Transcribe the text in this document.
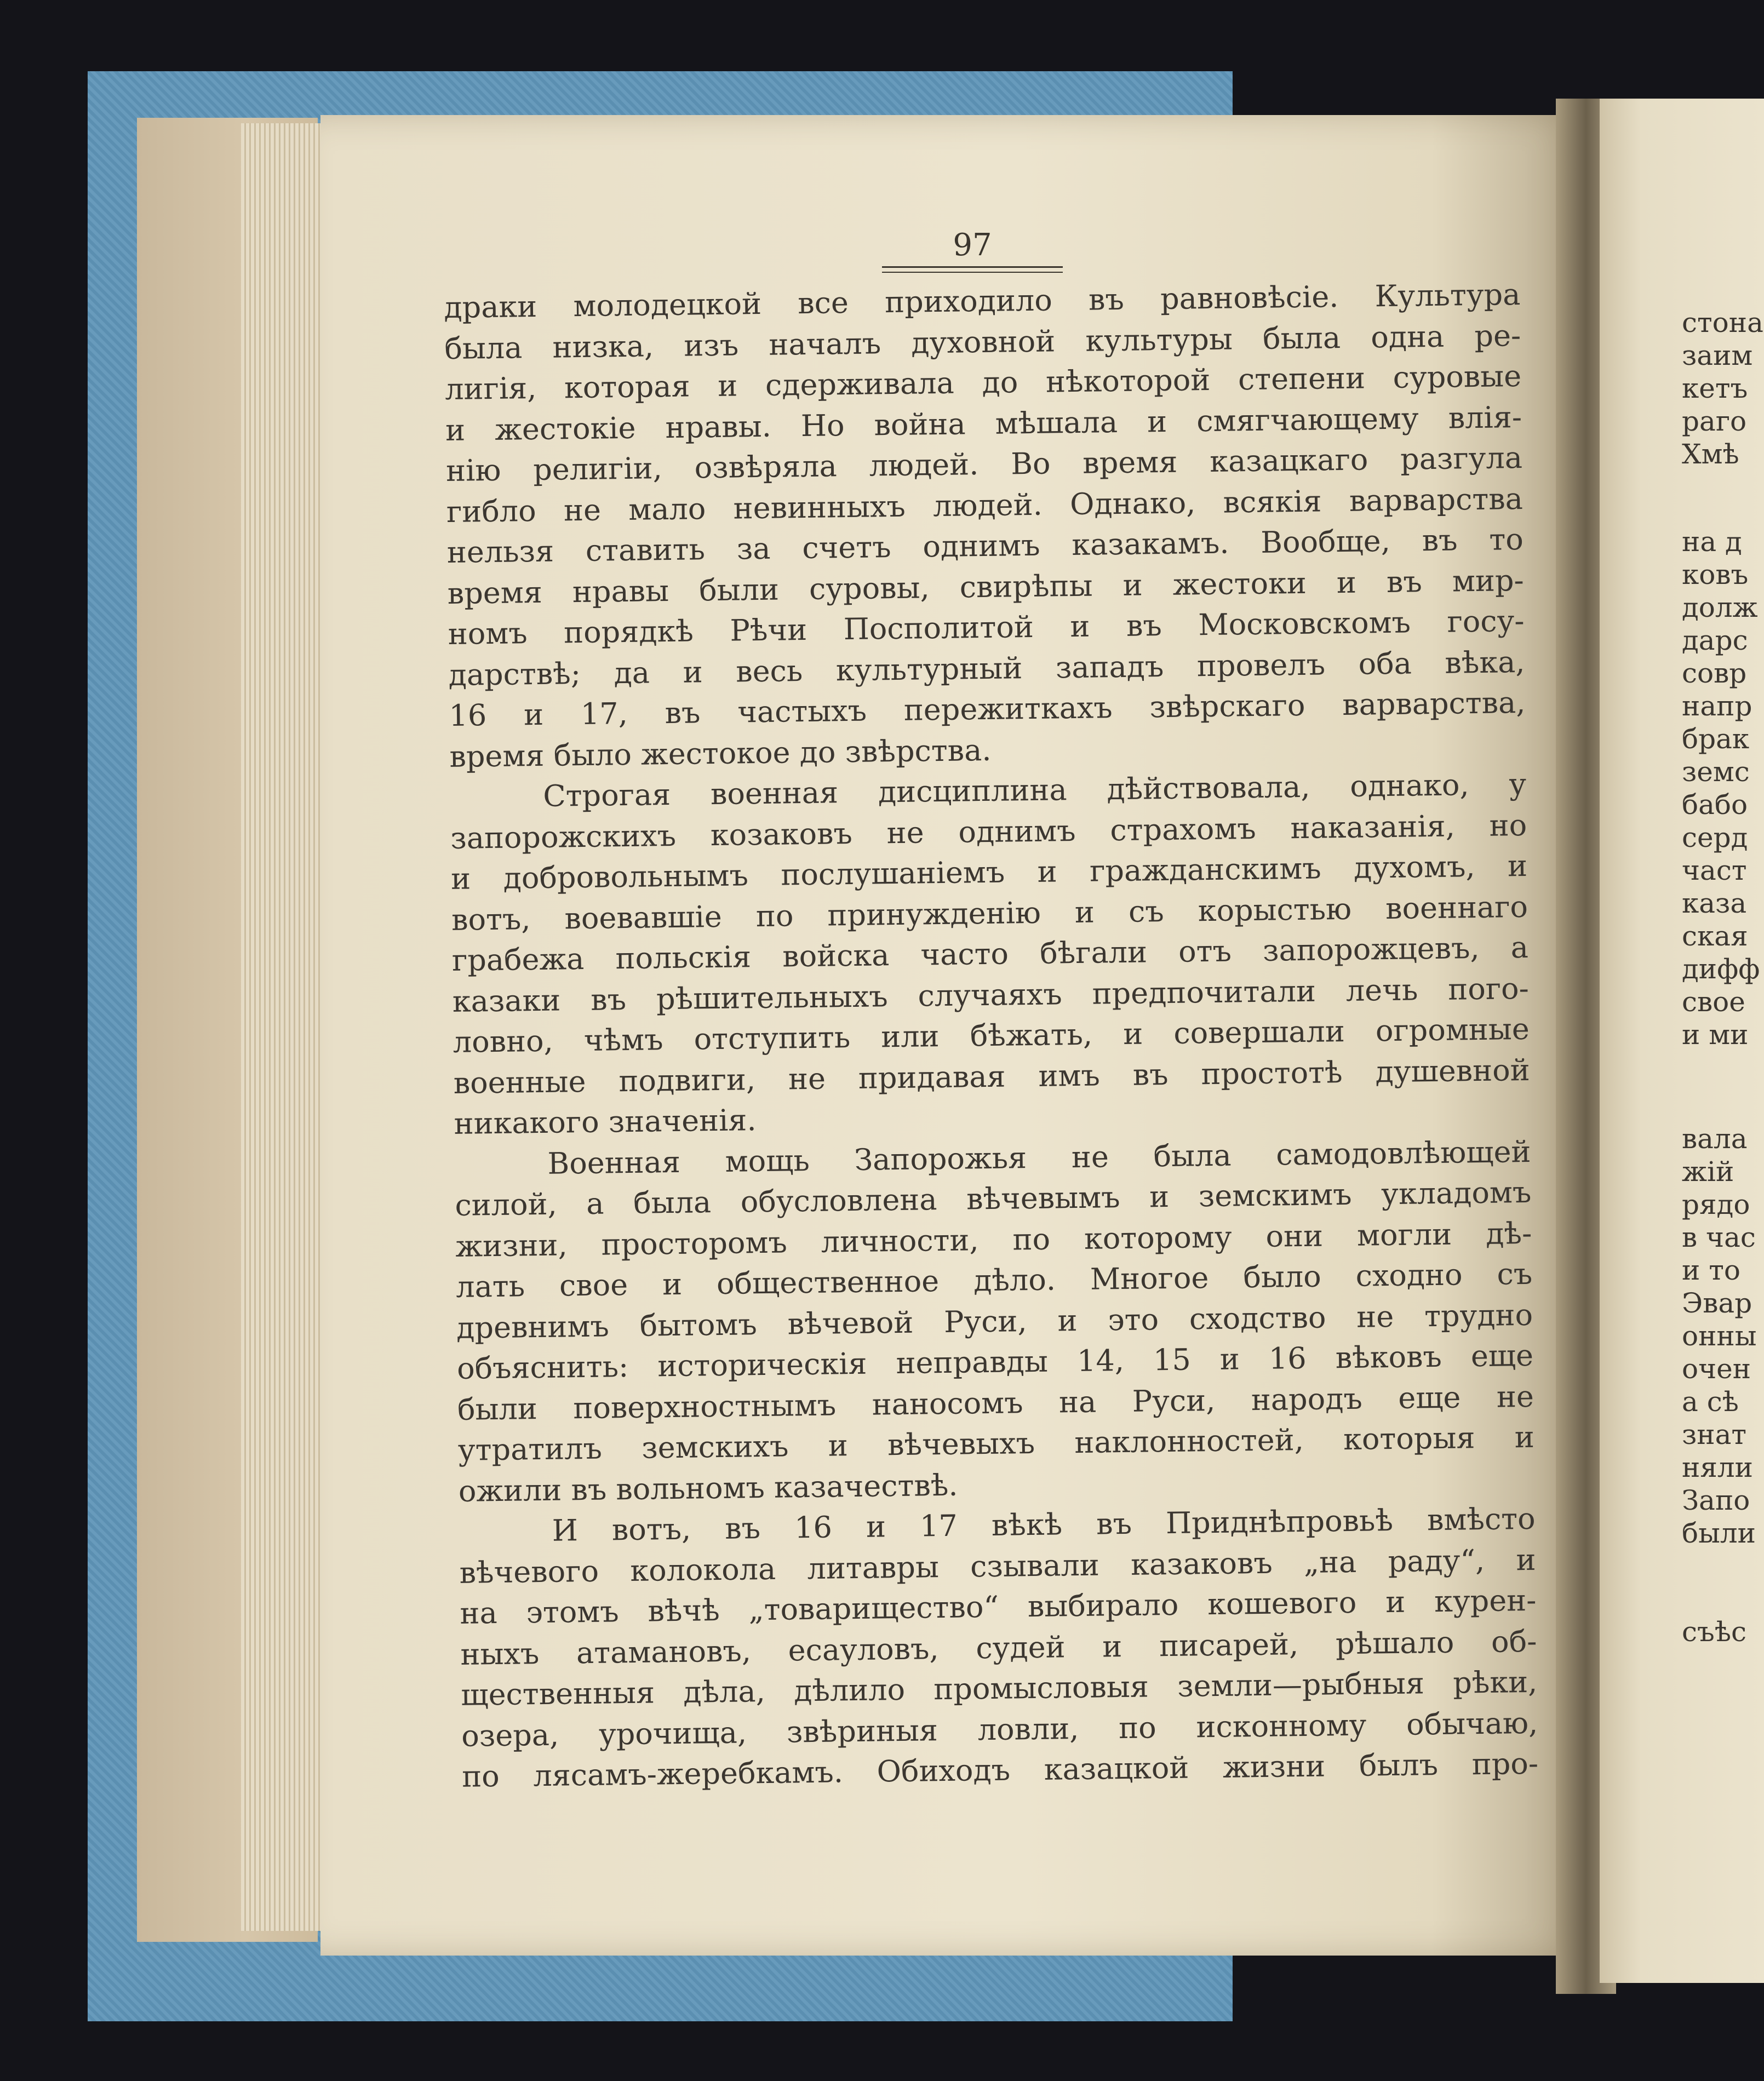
97
драки молодецкой все приходило въ равновѣсіе. Культура
была низка, изъ началъ духовной культуры была одна ре-
лигія, которая и сдерживала до нѣкоторой степени суровые
и жестокіе нравы. Но война мѣшала и смягчающему влія-
нію религіи, озвѣряла людей. Во время казацкаго разгула
гибло не мало невинныхъ людей. Однако, всякія варварства
нельзя ставить за счетъ однимъ казакамъ. Вообще, въ то
время нравы были суровы, свирѣпы и жестоки и въ мир-
номъ порядкѣ Рѣчи Посполитой и въ Московскомъ госу-
дарствѣ; да и весь культурный западъ провелъ оба вѣка,
16 и 17, въ частыхъ пережиткахъ звѣрскаго варварства,
время было жестокое до звѣрства.
Строгая военная дисциплина дѣйствовала, однако, у
запорожскихъ козаковъ не однимъ страхомъ наказанія, но
и добровольнымъ послушаніемъ и гражданскимъ духомъ, и
вотъ, воевавшіе по принужденію и съ корыстью военнаго
грабежа польскія войска часто бѣгали отъ запорожцевъ, а
казаки въ рѣшительныхъ случаяхъ предпочитали лечь пого-
ловно, чѣмъ отступить или бѣжать, и совершали огромные
военные подвиги, не придавая имъ въ простотѣ душевной
никакого значенія.
Военная мощь Запорожья не была самодовлѣющей
силой, а была обусловлена вѣчевымъ и земскимъ укладомъ
жизни, просторомъ личности, по которому они могли дѣ-
лать свое и общественное дѣло. Многое было сходно съ
древнимъ бытомъ вѣчевой Руси, и это сходство не трудно
объяснить: историческія неправды 14, 15 и 16 вѣковъ еще
были поверхностнымъ наносомъ на Руси, народъ еще не
утратилъ земскихъ и вѣчевыхъ наклонностей, которыя и
ожили въ вольномъ казачествѣ.
И вотъ, въ 16 и 17 вѣкѣ въ Приднѣпровьѣ вмѣсто
вѣчевого колокола литавры сзывали казаковъ „на раду“, и
на этомъ вѣчѣ „товарищество“ выбирало кошевого и курен-
ныхъ атамановъ, есауловъ, судей и писарей, рѣшало об-
щественныя дѣла, дѣлило промысловыя земли—рыбныя рѣки,
озера, урочища, звѣриныя ловли, по исконному обычаю,
по лясамъ-жеребкамъ. Обиходъ казацкой жизни былъ про-
стона
заим
кетъ
раго
Хмѣ
на д
ковъ
долж
дарс
совр
напр
брак
земс
бабо
серд
част
каза
ская
дифф
свое
и ми
вала
жій
рядо
в час
и то
Эвар
онны
очен
а сѣ
знат
няли
Запо
были
съѣс
